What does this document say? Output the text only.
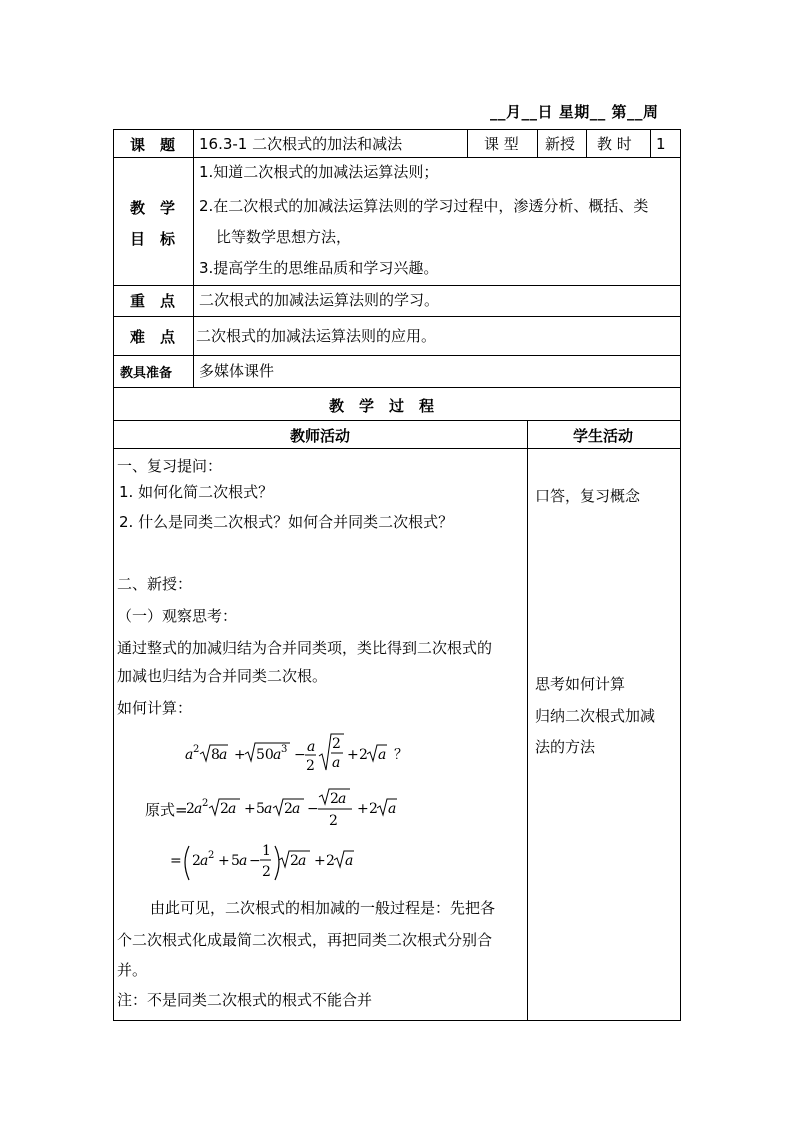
__月__日 星期__ 第__周
课　题 16.3-1 二次根式的加法和减法	课 型 新授 教 时 1
教　学
目　标
1.知道二次根式的加减法运算法则；
2.在二次根式的加减法运算法则的学习过程中，渗透分析、概括、类
比等数学思想方法，
3.提高学生的思维品质和学习兴趣。
重　点 二次根式的加减法运算法则的学习。
难　点 二次根式的加减法运算法则的应用。
教具准备 多媒体课件
教　学　过　程
教师活动	学生活动
一、复习提问：
1. 如何化简二次根式？
2. 什么是同类二次根式？如何合并同类二次根式？
二、新授：
（一）观察思考：
通过整式的加减归结为合并同类项，类比得到二次根式的
加减也归结为合并同类二次根。
如何计算：
a 2 8 a + 50 a 3 − a
2
2
a + 2 a ？
原式=
2 a 2 2 a + 5 a 2 a −
2 a
2
+ 2 a
= 2 a 2 + 5 a −
1
2
2 a + 2 a
由此可见，二次根式的相加减的一般过程是：先把各
个二次根式化成最简二次根式，再把同类二次根式分别合
并。
注：不是同类二次根式的根式不能合并
口答，复习概念
思考如何计算
归纳二次根式加减
法的方法
